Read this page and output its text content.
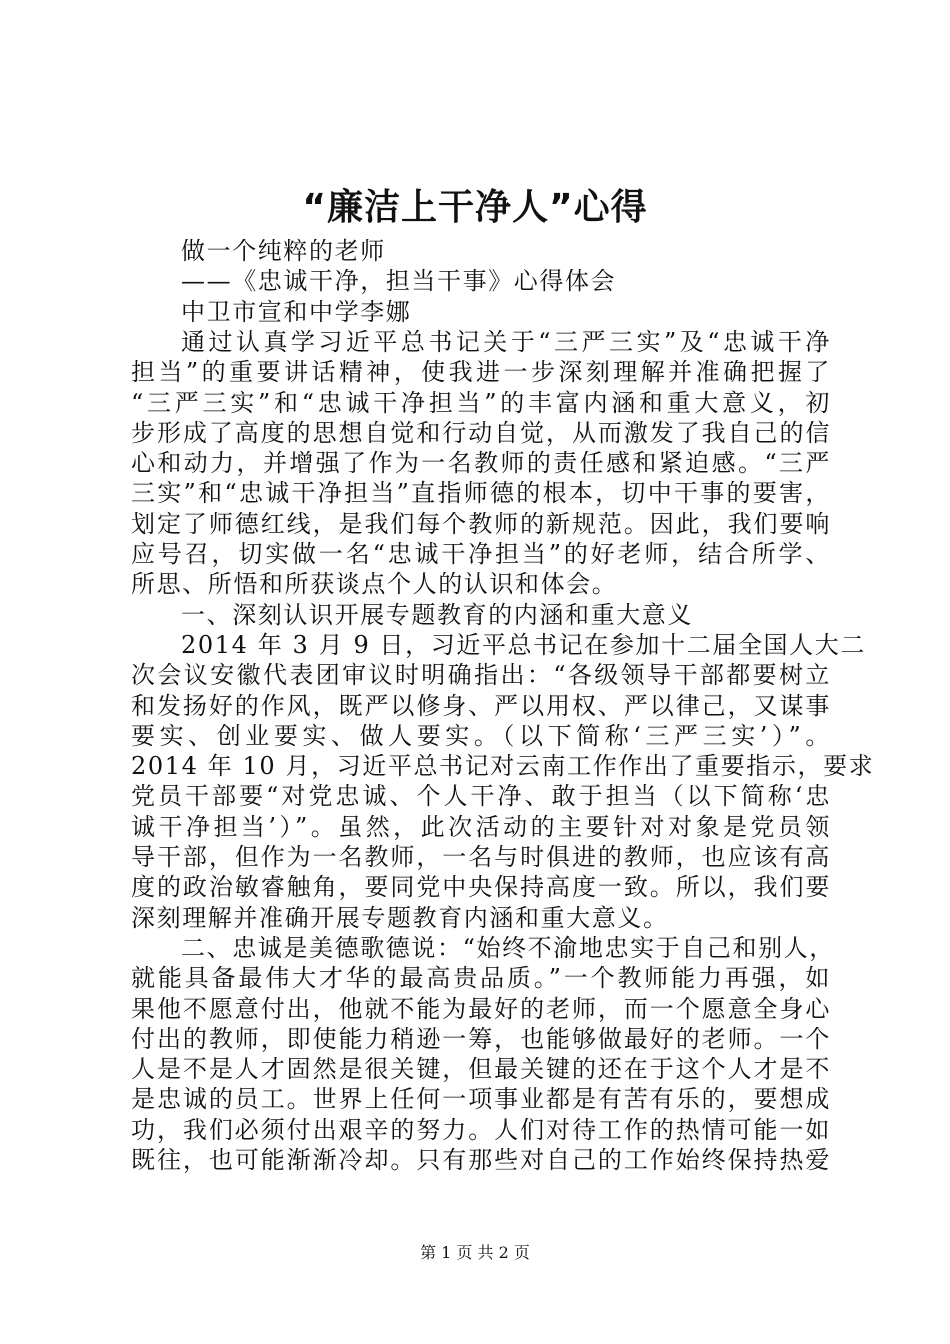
“廉洁上干净人”心得
做一个纯粹的老师
——《忠诚干净，担当干事》心得体会
中卫市宣和中学李娜
通过认真学习近平总书记关于“三严三实”及“忠诚干净
担当”的重要讲话精神，使我进一步深刻理解并准确把握了
“三严三实”和“忠诚干净担当”的丰富内涵和重大意义，初
步形成了高度的思想自觉和行动自觉，从而激发了我自己的信
心和动力，并增强了作为一名教师的责任感和紧迫感。“三严
三实”和“忠诚干净担当”直指师德的根本，切中干事的要害，
划定了师德红线，是我们每个教师的新规范。因此，我们要响
应号召，切实做一名“忠诚干净担当”的好老师，结合所学、
所思、所悟和所获谈点个人的认识和体会。
一、深刻认识开展专题教育的内涵和重大意义
2014 年 3 月 9 日，习近平总书记在参加十二届全国人大二
次会议安徽代表团审议时明确指出：“各级领导干部都要树立
和发扬好的作风，既严以修身、严以用权、严以律己，又谋事
要实、创业要实、做人要实。（以下简称‘三严三实’）”。
2014 年 10 月，习近平总书记对云南工作作出了重要指示，要求
党员干部要“对党忠诚、个人干净、敢于担当（以下简称‘忠
诚干净担当’）”。虽然，此次活动的主要针对对象是党员领
导干部，但作为一名教师，一名与时俱进的教师，也应该有高
度的政治敏睿触角，要同党中央保持高度一致。所以，我们要
深刻理解并准确开展专题教育内涵和重大意义。
二、忠诚是美德歌德说：“始终不渝地忠实于自己和别人，
就能具备最伟大才华的最高贵品质。”一个教师能力再强，如
果他不愿意付出，他就不能为最好的老师，而一个愿意全身心
付出的教师，即使能力稍逊一筹，也能够做最好的老师。一个
人是不是人才固然是很关键，但最关键的还在于这个人才是不
是忠诚的员工。世界上任何一项事业都是有苦有乐的，要想成
功，我们必须付出艰辛的努力。人们对待工作的热情可能一如
既往，也可能渐渐冷却。只有那些对自己的工作始终保持热爱
第 1 页 共 2 页
